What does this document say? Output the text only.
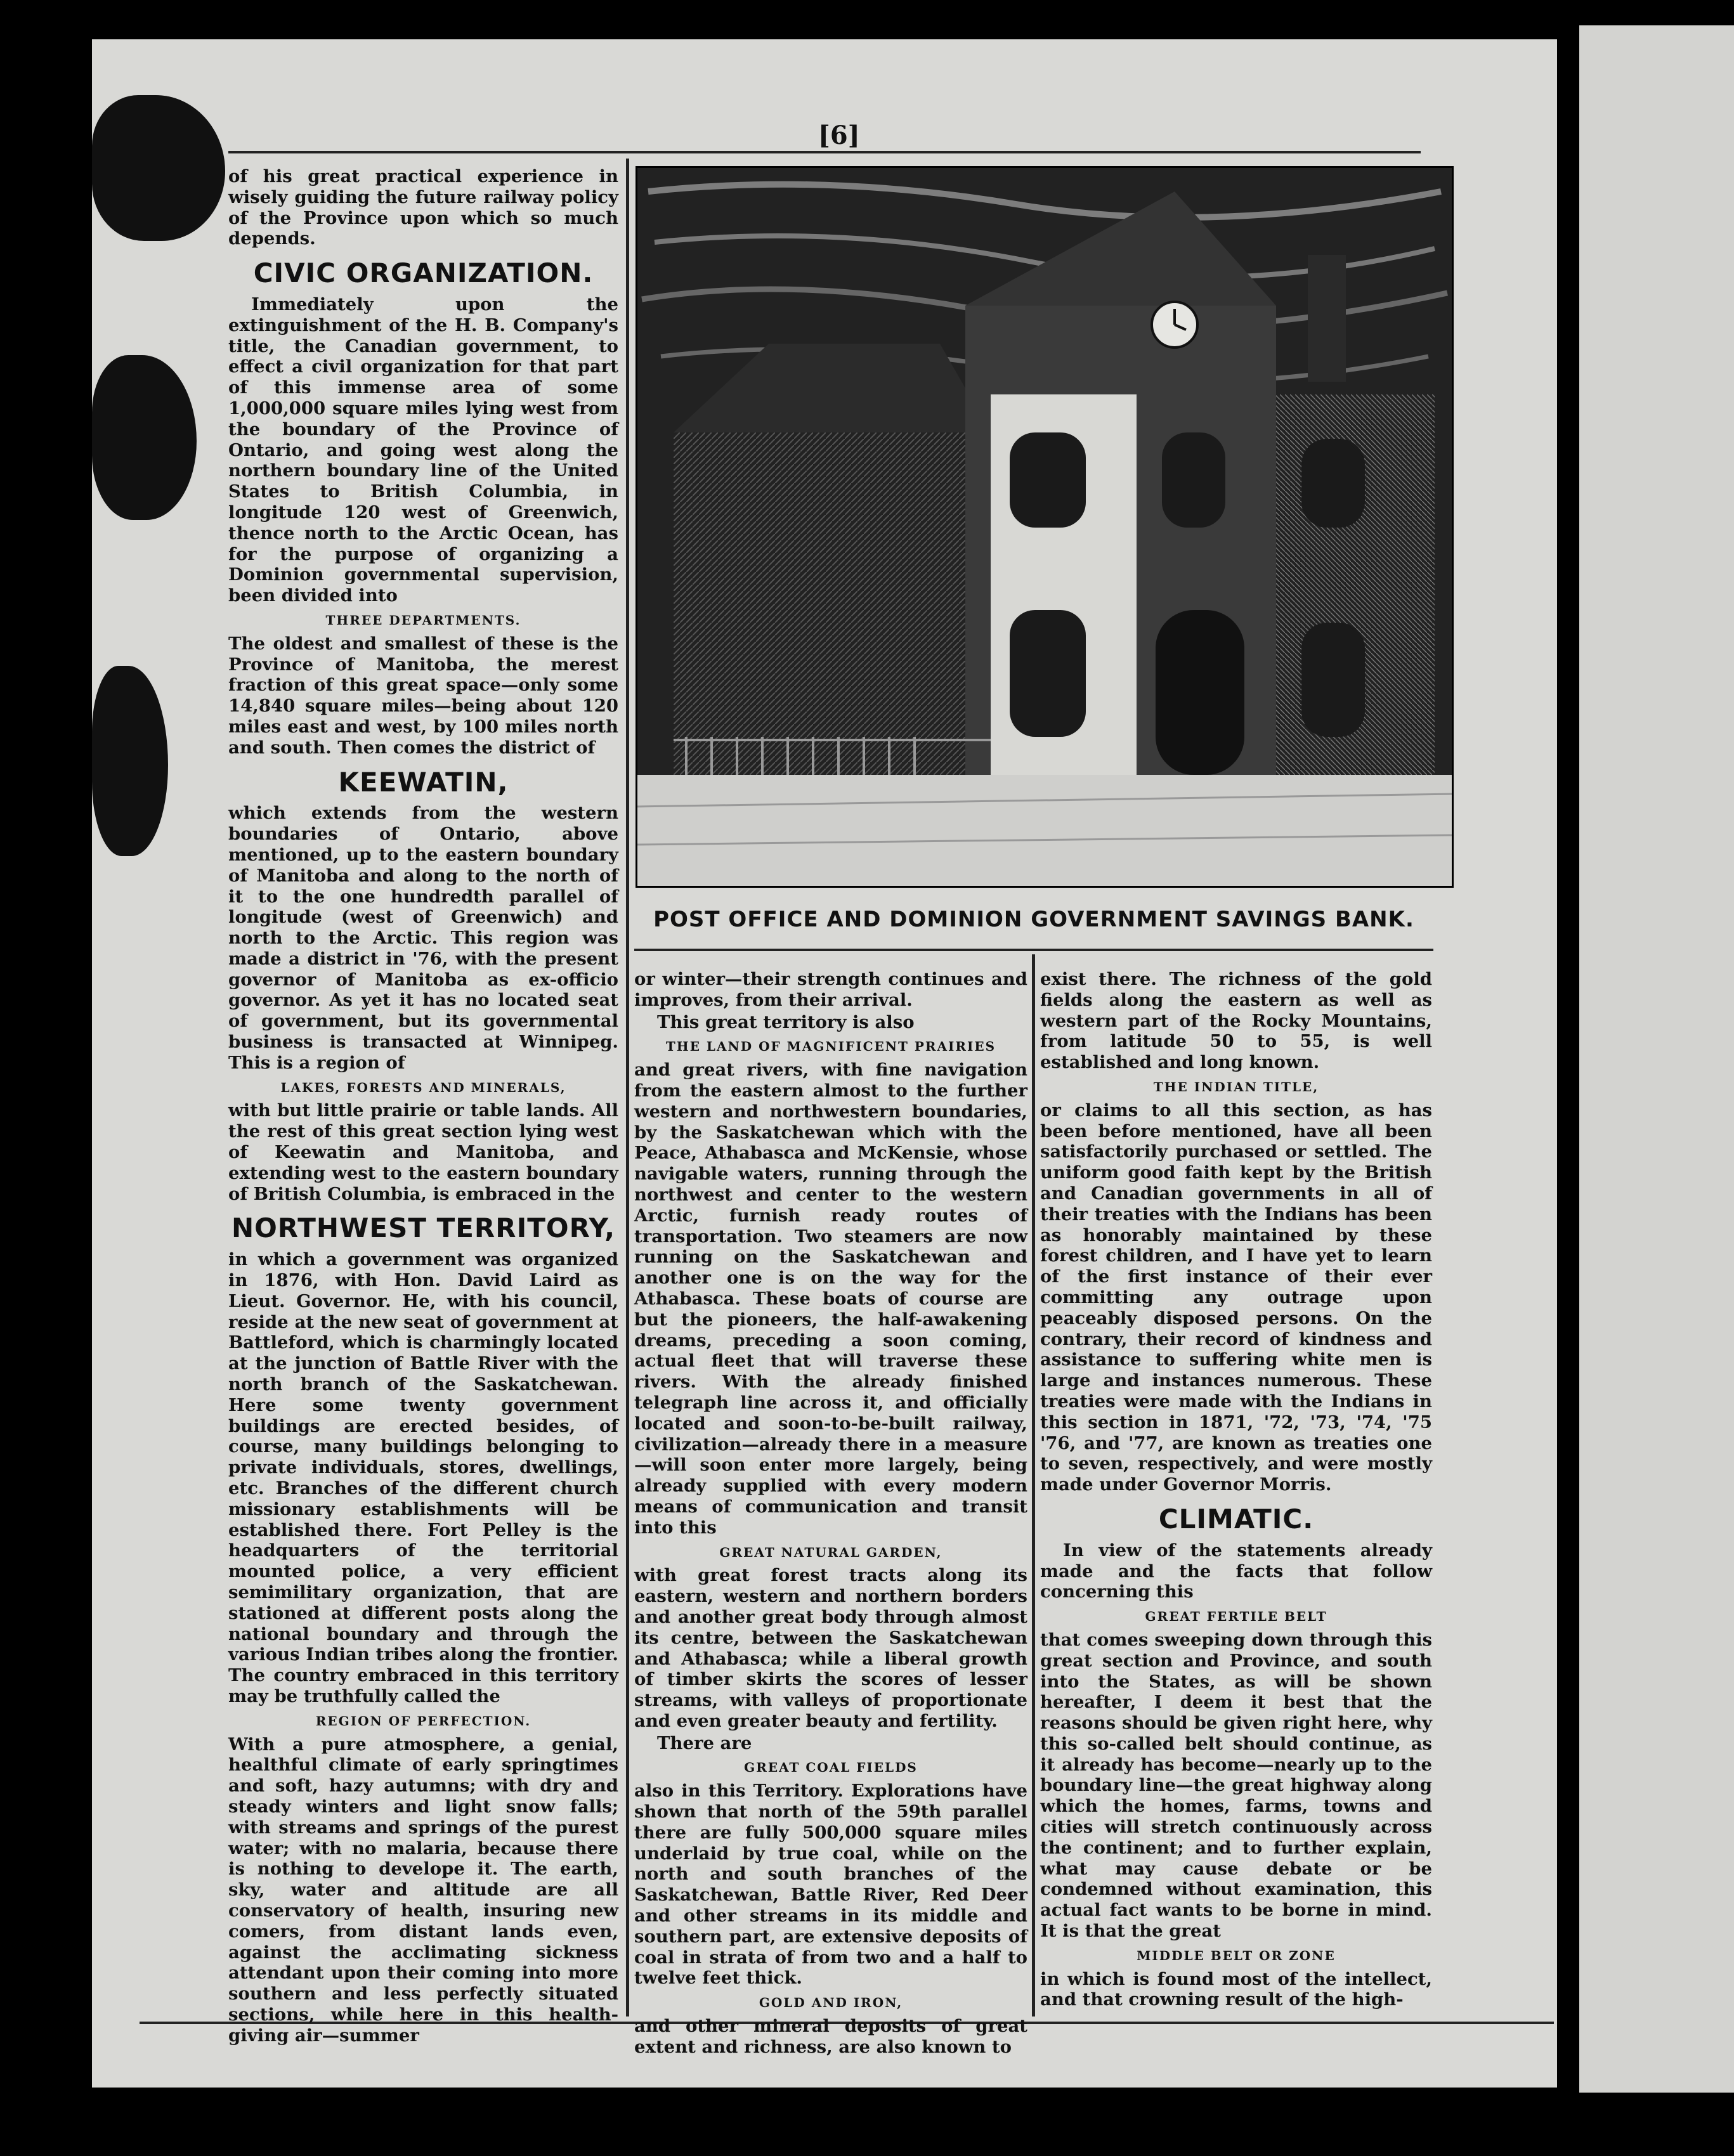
[6]
POST OFFICE AND DOMINION GOVERNMENT SAVINGS BANK.

of his great practical experience in wisely guiding the future railway policy of the Province upon which so much depends.

CIVIC ORGANIZATION.

Immediately upon the extinguishment of the H. B. Company's title, the Canadian government, to effect a civil organization for that part of this immense area of some 1,000,000 square miles lying west from the boundary of the Province of Ontario, and going west along the northern boundary line of the United States to British Columbia, in longitude 120 west of Greenwich, thence north to the Arctic Ocean, has for the purpose of organizing a Dominion governmental supervision, been divided into

THREE DEPARTMENTS.

The oldest and smallest of these is the Province of Manitoba, the merest fraction of this great space—only some 14,840 square miles—being about 120 miles east and west, by 100 miles north and south. Then comes the district of

KEEWATIN,

which extends from the western boundaries of Ontario, above mentioned, up to the eastern boundary of Manitoba and along to the north of it to the one hundredth parallel of longitude (west of Greenwich) and north to the Arctic. This region was made a district in '76, with the present governor of Manitoba as ex-officio governor. As yet it has no located seat of government, but its governmental business is transacted at Winnipeg. This is a region of

LAKES, FORESTS AND MINERALS,

with but little prairie or table lands. All the rest of this great section lying west of Keewatin and Manitoba, and extending west to the eastern boundary of British Columbia, is embraced in the

NORTHWEST TERRITORY,

in which a government was organized in 1876, with Hon. David Laird as Lieut. Governor. He, with his council, reside at the new seat of government at Battleford, which is charmingly located at the junction of Battle River with the north branch of the Saskatchewan. Here some twenty government buildings are erected besides, of course, many buildings belonging to private individuals, stores, dwellings, etc. Branches of the different church missionary establishments will be established there. Fort Pelley is the headquarters of the territorial mounted police, a very efficient semimilitary organization, that are stationed at different posts along the national boundary and through the various Indian tribes along the frontier. The country embraced in this territory may be truthfully called the

REGION OF PERFECTION.

With a pure atmosphere, a genial, healthful climate of early springtimes and soft, hazy autumns; with dry and steady winters and light snow falls; with streams and springs of the purest water; with no malaria, because there is nothing to develope it. The earth, sky, water and altitude are all conservatory of health, insuring new comers, from distant lands even, against the acclimating sickness attendant upon their coming into more southern and less perfectly situated sections, while here in this health-giving air—summer

or winter—their strength continues and improves, from their arrival.

This great territory is also

THE LAND OF MAGNIFICENT PRAIRIES

and great rivers, with fine navigation from the eastern almost to the further western and northwestern boundaries, by the Saskatchewan which with the Peace, Athabasca and McKensie, whose navigable waters, running through the northwest and center to the western Arctic, furnish ready routes of transportation. Two steamers are now running on the Saskatchewan and another one is on the way for the Athabasca. These boats of course are but the pioneers, the half-awakening dreams, preceding a soon coming, actual fleet that will traverse these rivers. With the already finished telegraph line across it, and officially located and soon-to-be-built railway, civilization—already there in a measure—will soon enter more largely, being already supplied with every modern means of communication and transit into this

GREAT NATURAL GARDEN,

with great forest tracts along its eastern, western and northern borders and another great body through almost its centre, between the Saskatchewan and Athabasca; while a liberal growth of timber skirts the scores of lesser streams, with valleys of proportionate and even greater beauty and fertility.

There are

GREAT COAL FIELDS

also in this Territory. Explorations have shown that north of the 59th parallel there are fully 500,000 square miles underlaid by true coal, while on the north and south branches of the Saskatchewan, Battle River, Red Deer and other streams in its middle and southern part, are extensive deposits of coal in strata of from two and a half to twelve feet thick.

GOLD AND IRON,

and other mineral deposits of great extent and richness, are also known to

exist there. The richness of the gold fields along the eastern as well as western part of the Rocky Mountains, from latitude 50 to 55, is well established and long known.

THE INDIAN TITLE,

or claims to all this section, as has been before mentioned, have all been satisfactorily purchased or settled. The uniform good faith kept by the British and Canadian governments in all of their treaties with the Indians has been as honorably maintained by these forest children, and I have yet to learn of the first instance of their ever committing any outrage upon peaceably disposed persons. On the contrary, their record of kindness and assistance to suffering white men is large and instances numerous. These treaties were made with the Indians in this section in 1871, '72, '73, '74, '75 '76, and '77, are known as treaties one to seven, respectively, and were mostly made under Governor Morris.

CLIMATIC.

In view of the statements already made and the facts that follow concerning this

GREAT FERTILE BELT

that comes sweeping down through this great section and Province, and south into the States, as will be shown hereafter, I deem it best that the reasons should be given right here, why this so-called belt should continue, as it already has become—nearly up to the boundary line—the great highway along which the homes, farms, towns and cities will stretch continuously across the continent; and to further explain, what may cause debate or be condemned without examination, this actual fact wants to be borne in mind. It is that the great

MIDDLE BELT OR ZONE

in which is found most of the intellect, and that crowning result of the high-
